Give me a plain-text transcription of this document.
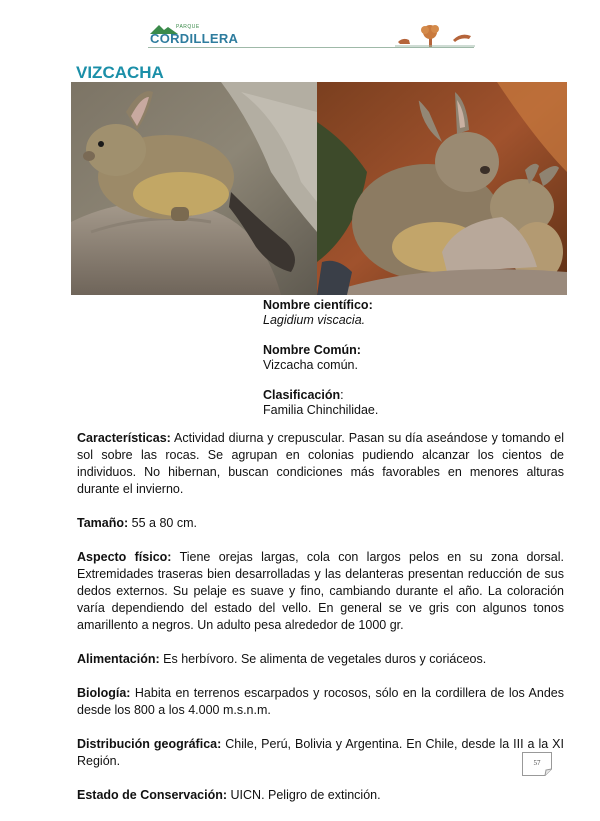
PARQUE
CORDILLERA
VIZCACHA
Nombre científico:
Lagidium viscacia.
Nombre Común:
Vizcacha común.
Clasificación:
Familia Chinchilidae.

Características: Actividad diurna y crepuscular. Pasan su día aseándose y tomando el sol sobre las rocas. Se agrupan en colonias pudiendo alcanzar los cientos de individuos. No hibernan, buscan condiciones más favorables en menores alturas durante el invierno.

Tamaño: 55 a 80 cm.

Aspecto físico: Tiene orejas largas, cola con largos pelos en su zona dorsal. Extremidades traseras bien desarrolladas y las delanteras presentan reducción de sus dedos externos. Su pelaje es suave y fino, cambiando durante el año. La coloración varía dependiendo del estado del vello. En general se ve gris con algunos tonos amarillento a negros. Un adulto pesa alrededor de 1000 gr.

Alimentación: Es herbívoro. Se alimenta de vegetales duros y coriáceos.

Biología: Habita en terrenos escarpados y rocosos, sólo en la cordillera de los Andes desde los 800 a los 4.000 m.s.n.m.

Distribución geográfica: Chile, Perú, Bolivia y Argentina. En Chile, desde la III a la XI Región.

Estado de Conservación: UICN. Peligro de extinción.

57
